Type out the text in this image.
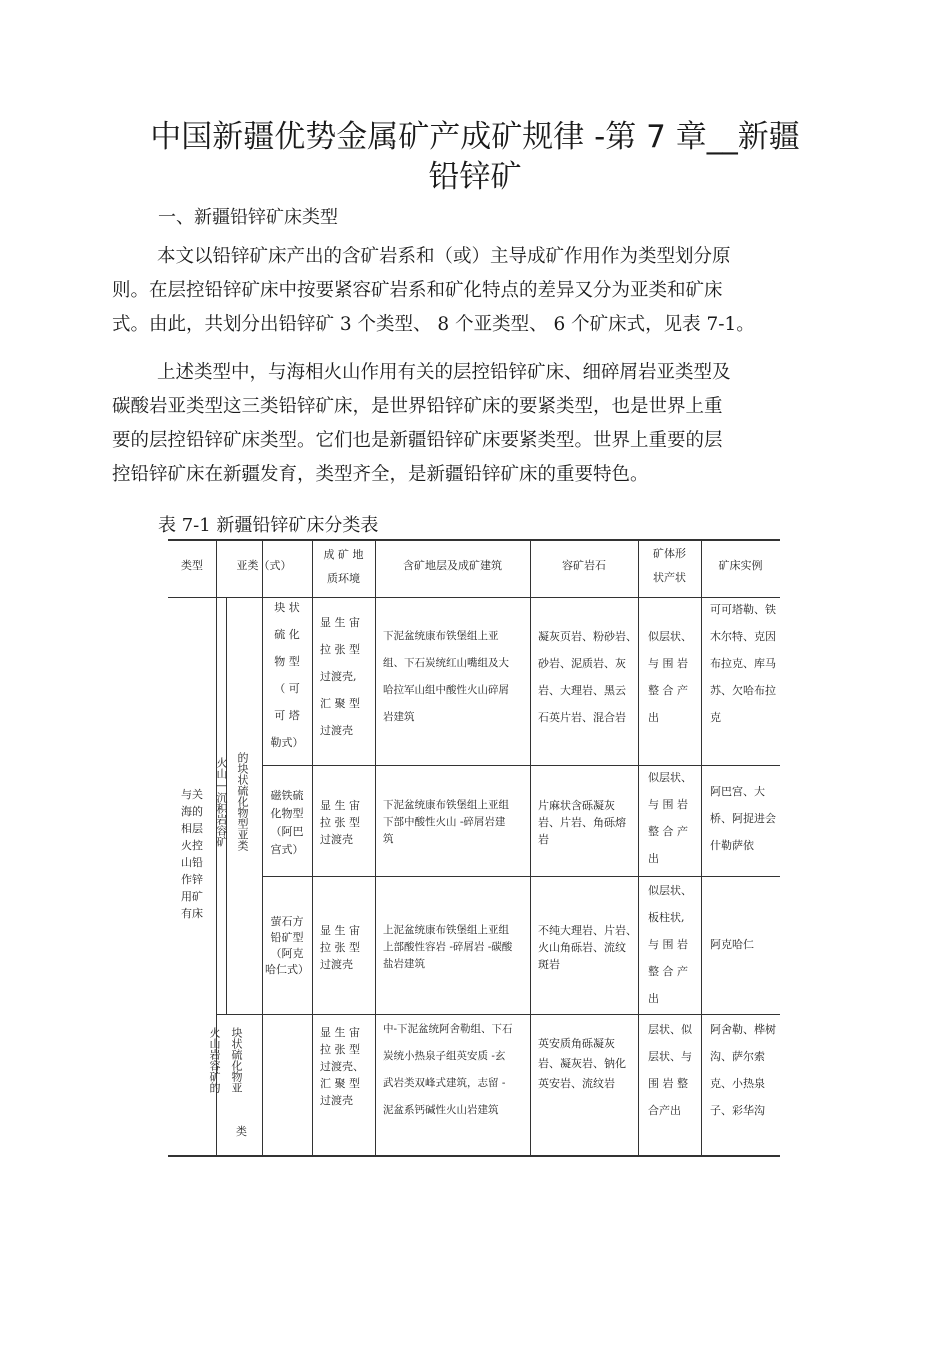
中国新疆优势金属矿产成矿规律 -第 7 章__新疆
铅锌矿
一、新疆铅锌矿床类型
本文以铅锌矿床产出的含矿岩系和（或）主导成矿作用作为类型划分原
则。在层控铅锌矿床中按要紧容矿岩系和矿化特点的差异又分为亚类和矿床
式。由此，共划分出铅锌矿 3 个类型、 8 个亚类型、 6 个矿床式，见表 7-1。
上述类型中，与海相火山作用有关的层控铅锌矿床、细碎屑岩亚类型及
碳酸岩亚类型这三类铅锌矿床，是世界铅锌矿床的要紧类型，也是世界上重
要的层控铅锌矿床类型。它们也是新疆铅锌矿床要紧类型。世界上重要的层
控铅锌矿床在新疆发育，类型齐全，是新疆铅锌矿床的重要特色。
表 7-1 新疆铅锌矿床分类表
类型	亚类（式）
成 矿 地
质环境
含矿地层及成矿建筑	容矿岩石
矿体形
状产状
矿床实例
与关
海的
相层
火控
山铅
作锌
用矿
有床
火山—沉积岩容矿 的块状硫化物型亚类
火山岩容矿的 块状硫化物亚
类
块 状
硫 化
物 型
（ 可
可 塔
勒式）
显 生 宙
拉 张 型
过渡壳,
汇 聚 型
过渡壳
下泥盆统康布铁堡组上亚
组、下石炭统红山嘴组及大
哈拉军山组中酸性火山碎屑
岩建筑
凝灰页岩、粉砂岩、
砂岩、泥质岩、灰
岩、大理岩、黑云
石英片岩、混合岩
似层状、
与 围 岩
整 合 产
出
可可塔勒、铁
木尔特、克因
布拉克、库马
苏、欠哈布拉
克
磁铁硫
化物型
（阿巴
宫式）
显 生 宙
拉 张 型
过渡壳
下泥盆统康布铁堡组上亚组
下部中酸性火山 -碎屑岩建
筑
片麻状含砾凝灰
岩、片岩、角砾熔
岩
似层状、
与 围 岩
整 合 产
出
阿巴宫、大
桥、阿捉进会
什勒萨依
萤石方
铅矿型
（阿克
哈仁式）
显 生 宙
拉 张 型
过渡壳
上泥盆统康布铁堡组上亚组
上部酸性容岩 -碎屑岩 -碳酸
盐岩建筑
不纯大理岩、片岩、
火山角砾岩、流纹
斑岩
似层状、
板柱状,
与 围 岩
整 合 产
出
阿克哈仁
显 生 宙
拉 张 型
过渡壳、
汇 聚 型
过渡壳
中-下泥盆统阿舍勒组、下石
炭统小热泉子组英安质 -玄
武岩类双峰式建筑，志留 -
泥盆系钙碱性火山岩建筑
英安质角砾凝灰
岩、凝灰岩、钠化
英安岩、流纹岩
层状、似
层状、与
围 岩 整
合产出
阿舍勒、桦树
沟、萨尔索
克、小热泉
子、彩华沟
